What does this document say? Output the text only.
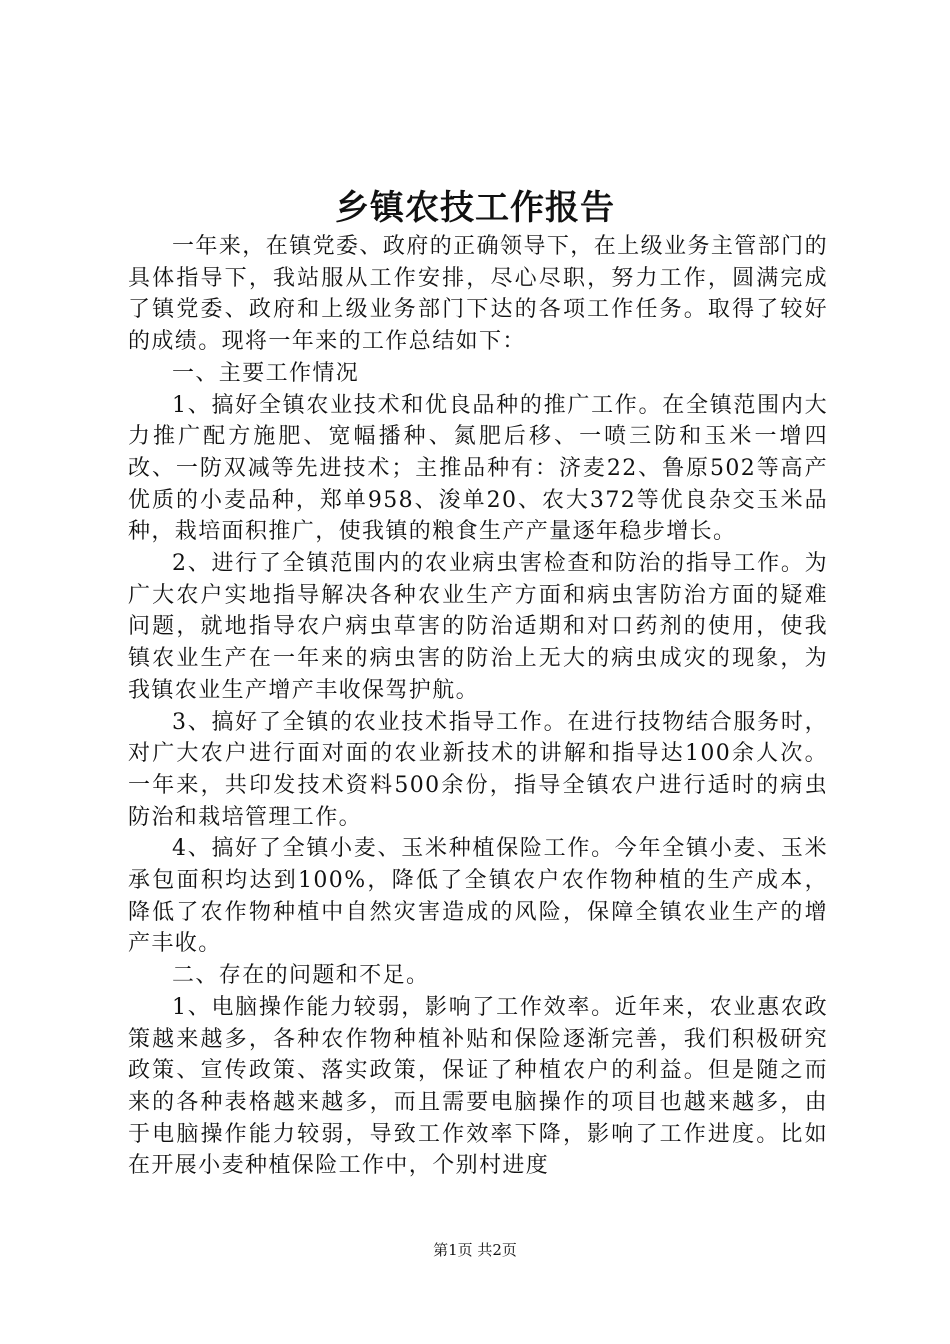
乡镇农技工作报告

一年来，在镇党委、政府的正确领导下，在上级业务主管部门的具体指导下，我站服从工作安排，尽心尽职，努力工作，圆满完成了镇党委、政府和上级业务部门下达的各项工作任务。取得了较好的成绩。现将一年来的工作总结如下：

一、主要工作情况

1、搞好全镇农业技术和优良品种的推广工作。在全镇范围内大力推广配方施肥、宽幅播种、氮肥后移、一喷三防和玉米一增四改、一防双减等先进技术；主推品种有：济麦22、鲁原502等高产优质的小麦品种，郑单958、浚单20、农大372等优良杂交玉米品种，栽培面积推广，使我镇的粮食生产产量逐年稳步增长。

2、进行了全镇范围内的农业病虫害检查和防治的指导工作。为广大农户实地指导解决各种农业生产方面和病虫害防治方面的疑难问题，就地指导农户病虫草害的防治适期和对口药剂的使用，使我镇农业生产在一年来的病虫害的防治上无大的病虫成灾的现象，为我镇农业生产增产丰收保驾护航。

3、搞好了全镇的农业技术指导工作。在进行技物结合服务时，对广大农户进行面对面的农业新技术的讲解和指导达100余人次。一年来，共印发技术资料500余份，指导全镇农户进行适时的病虫防治和栽培管理工作。

4、搞好了全镇小麦、玉米种植保险工作。今年全镇小麦、玉米承包面积均达到100%，降低了全镇农户农作物种植的生产成本，降低了农作物种植中自然灾害造成的风险，保障全镇农业生产的增产丰收。

二、存在的问题和不足。

1、电脑操作能力较弱，影响了工作效率。近年来，农业惠农政策越来越多，各种农作物种植补贴和保险逐渐完善，我们积极研究政策、宣传政策、落实政策，保证了种植农户的利益。但是随之而来的各种表格越来越多，而且需要电脑操作的项目也越来越多，由于电脑操作能力较弱，导致工作效率下降，影响了工作进度。比如在开展小麦种植保险工作中，个别村进度

第1页 共2页
